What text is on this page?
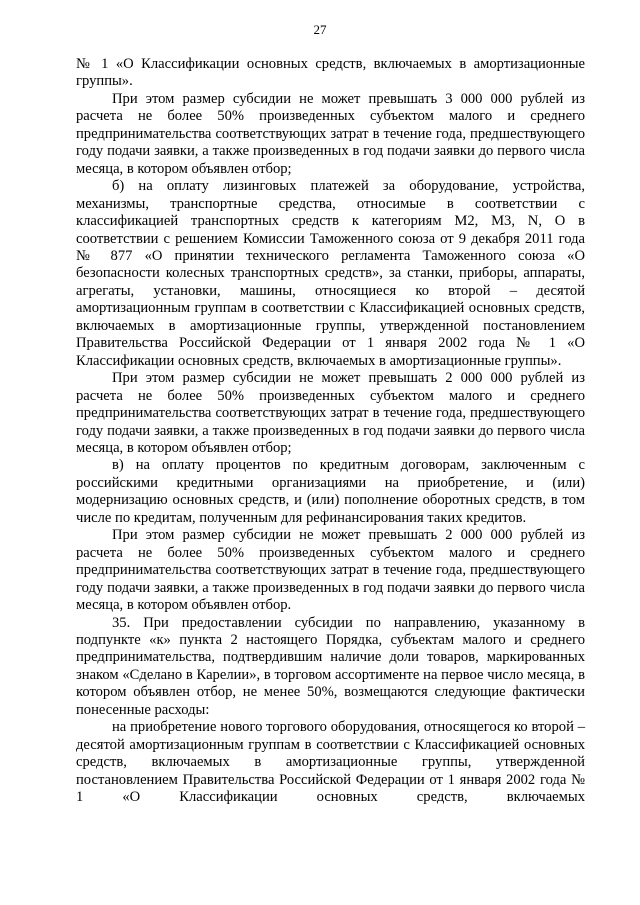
27

№ 1 «О Классификации основных средств, включаемых в амортизационные группы».

При этом размер субсидии не может превышать 3 000 000 рублей из расчета не более 50% произведенных субъектом малого и среднего предпринимательства соответствующих затрат в течение года, предшествующего году подачи заявки, а также произведенных в год подачи заявки до первого числа месяца, в котором объявлен отбор;

б) на оплату лизинговых платежей за оборудование, устройства, механизмы, транспортные средства, относимые в соответствии с классификацией транспортных средств к категориям M2, M3, N, O в соответствии с решением Комиссии Таможенного союза от 9 декабря 2011 года № 877 «О принятии технического регламента Таможенного союза «О безопасности колесных транспортных средств», за станки, приборы, аппараты, агрегаты, установки, машины, относящиеся ко второй – десятой амортизационным группам в соответствии с Классификацией основных средств, включаемых в амортизационные группы, утвержденной постановлением Правительства Российской Федерации от 1 января 2002 года № 1 «О Классификации основных средств, включаемых в амортизационные группы».

При этом размер субсидии не может превышать 2 000 000 рублей из расчета не более 50% произведенных субъектом малого и среднего предпринимательства соответствующих затрат в течение года, предшествующего году подачи заявки, а также произведенных в год подачи заявки до первого числа месяца, в котором объявлен отбор;

в) на оплату процентов по кредитным договорам, заключенным с российскими кредитными организациями на приобретение, и (или) модернизацию основных средств, и (или) пополнение оборотных средств, в том числе по кредитам, полученным для рефинансирования таких кредитов.

При этом размер субсидии не может превышать 2 000 000 рублей из расчета не более 50% произведенных субъектом малого и среднего предпринимательства соответствующих затрат в течение года, предшествующего году подачи заявки, а также произведенных в год подачи заявки до первого числа месяца, в котором объявлен отбор.

35. При предоставлении субсидии по направлению, указанному в подпункте «к» пункта 2 настоящего Порядка, субъектам малого и среднего предпринимательства, подтвердившим наличие доли товаров, маркированных знаком «Сделано в Карелии», в торговом ассортименте на первое число месяца, в котором объявлен отбор, не менее 50%, возмещаются следующие фактически понесенные расходы:

на приобретение нового торгового оборудования, относящегося ко второй – десятой амортизационным группам в соответствии с Классификацией основных средств, включаемых в амортизационные группы, утвержденной постановлением Правительства Российской Федерации от 1 января 2002 года № 1 «О Классификации основных средств, включаемых
